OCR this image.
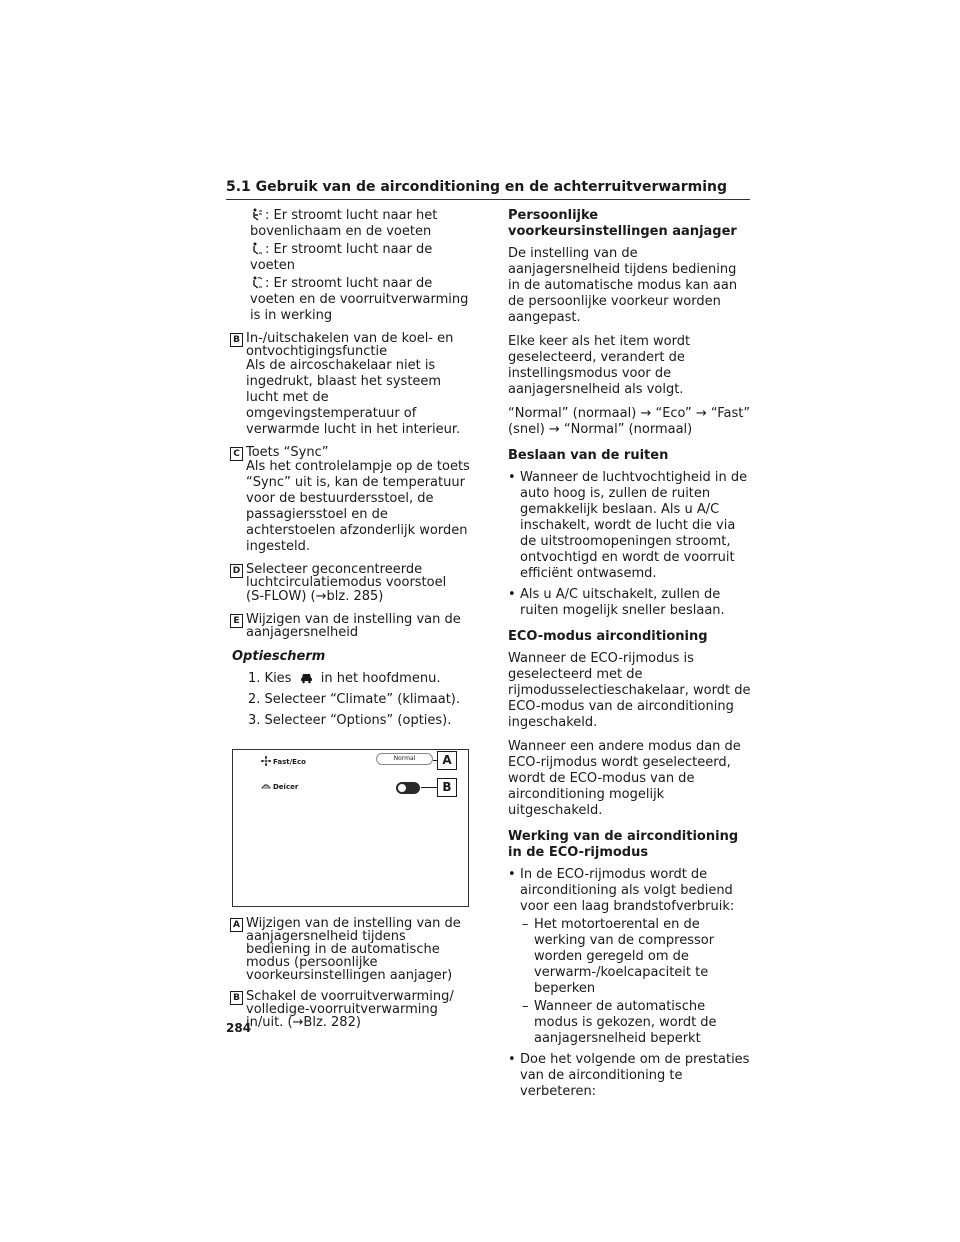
5.1 Gebruik van de airconditioning en de achterruitverwarming

: Er stroomt lucht naar het bovenlichaam en de voeten

: Er stroomt lucht naar de voeten

: Er stroomt lucht naar de voeten en de voorruitverwarming is in werking

B In-/uitschakelen van de koel- en ontvochtigingsfunctie
Als de aircoschakelaar niet is ingedrukt, blaast het systeem lucht met de omgevingstemperatuur of verwarmde lucht in het interieur.
C Toets “Sync”
Als het controlelampje op de toets “Sync” uit is, kan de temperatuur voor de bestuurdersstoel, de passagiersstoel en de achterstoelen afzonderlijk worden ingesteld.
D Selecteer geconcentreerde luchtcirculatiemodus voorstoel
(S-FLOW) (→blz. 285)
E Wijzigen van de instelling van de aanjagersnelheid
Optiescherm
1. Kies in het hoofdmenu.
2. Selecteer “Climate” (klimaat).
3. Selecteer “Options” (opties).
Fast/Eco	Normal	A
Deicer	B
A Wijzigen van de instelling van de aanjagersnelheid tijdens bediening in de automatische modus (persoonlijke voorkeursinstellingen aanjager)
B Schakel de voorruitverwarming/ volledige-voorruitverwarming in/uit. (→Blz. 282)
Persoonlijke voorkeursinstellingen aanjager

De instelling van de aanjagersnelheid tijdens bediening in de automatische modus kan aan de persoonlijke voorkeur worden aangepast.

Elke keer als het item wordt geselecteerd, verandert de instellingsmodus voor de aanjagersnelheid als volgt.

“Normal” (normaal) → “Eco” → “Fast” (snel) → “Normal” (normaal)

Beslaan van de ruiten
• Wanneer de luchtvochtigheid in de auto hoog is, zullen de ruiten gemakkelijk beslaan. Als u A/C inschakelt, wordt de lucht die via de uitstroomopeningen stroomt, ontvochtigd en wordt de voorruit efficiënt ontwasemd.
• Als u A/C uitschakelt, zullen de ruiten mogelijk sneller beslaan.
ECO-modus airconditioning

Wanneer de ECO-rijmodus is geselecteerd met de rijmodusselectieschakelaar, wordt de ECO-modus van de airconditioning ingeschakeld.

Wanneer een andere modus dan de ECO-rijmodus wordt geselecteerd, wordt de ECO-modus van de airconditioning mogelijk uitgeschakeld.

Werking van de airconditioning in de ECO-rijmodus
• In de ECO-rijmodus wordt de airconditioning als volgt bediend voor een laag brandstofverbruik:
– Het motortoerental en de werking van de compressor worden geregeld om de verwarm-/koelcapaciteit te beperken
– Wanneer de automatische modus is gekozen, wordt de aanjagersnelheid beperkt
• Doe het volgende om de prestaties van de airconditioning te verbeteren:
284
